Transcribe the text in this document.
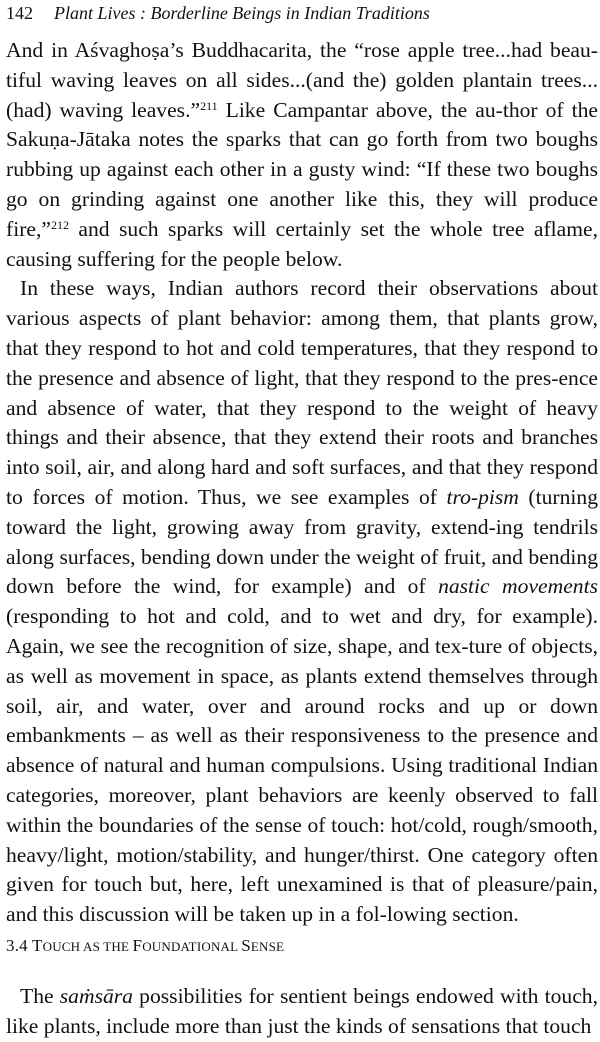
142 Plant Lives : Borderline Beings in Indian Traditions

And in Aśvaghoṣa’s Buddhacarita, the “rose apple tree...had beau-tiful waving leaves on all sides...(and the) golden plantain trees...(had) waving leaves.”$^{211}$ Like Campantar above, the au-thor of the Sakuṇa-Jātaka notes the sparks that can go forth from two boughs rubbing up against each other in a gusty wind: “If these two boughs go on grinding against one another like this, they will produce fire,”$^{212}$ and such sparks will certainly set the whole tree aflame, causing suffering for the people below.

In these ways, Indian authors record their observations about various aspects of plant behavior: among them, that plants grow, that they respond to hot and cold temperatures, that they respond to the presence and absence of light, that they respond to the pres-ence and absence of water, that they respond to the weight of heavy things and their absence, that they extend their roots and branches into soil, air, and along hard and soft surfaces, and that they respond to forces of motion. Thus, we see examples of tro-pism (turning toward the light, growing away from gravity, extend-ing tendrils along surfaces, bending down under the weight of fruit, and bending down before the wind, for example) and of nastic movements (responding to hot and cold, and to wet and dry, for example). Again, we see the recognition of size, shape, and tex-ture of objects, as well as movement in space, as plants extend themselves through soil, air, and water, over and around rocks and up or down embankments – as well as their responsiveness to the presence and absence of natural and human compulsions. Using traditional Indian categories, moreover, plant behaviors are keenly observed to fall within the boundaries of the sense of touch: hot/cold, rough/smooth, heavy/light, motion/stability, and hunger/thirst. One category often given for touch but, here, left unexamined is that of pleasure/pain, and this discussion will be taken up in a fol-lowing section.

3.4 TOUCH AS THE FOUNDATIONAL SENSE

The saṁsāra possibilities for sentient beings endowed with touch, like plants, include more than just the kinds of sensations that touch
